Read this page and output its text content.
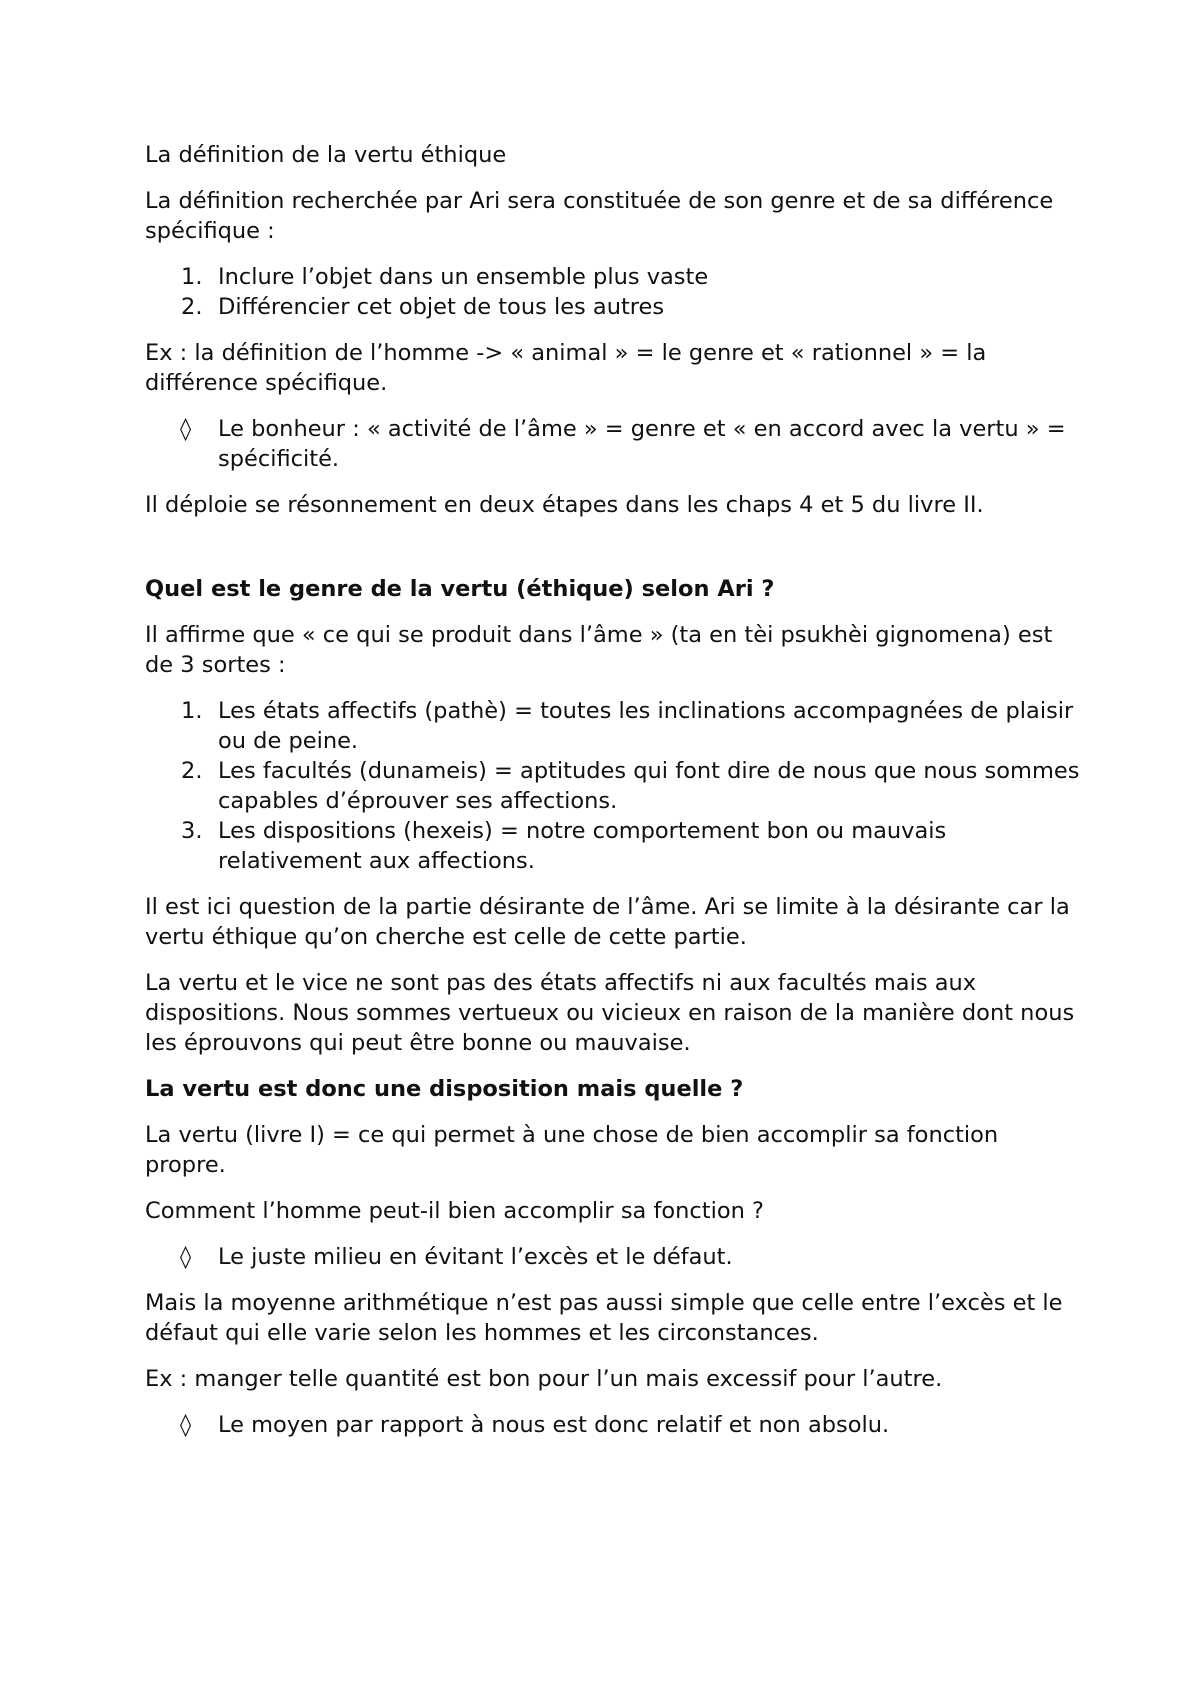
La définition de la vertu éthique

La définition recherchée par Ari sera constituée de son genre et de sa différence spécifique :

1. Inclure l’objet dans un ensemble plus vaste
2. Différencier cet objet de tous les autres

Ex : la définition de l’homme -> « animal » = le genre et « rationnel » = la différence spécifique.

◊ Le bonheur : « activité de l’âme » = genre et « en accord avec la vertu » = spécificité.

Il déploie se résonnement en deux étapes dans les chaps 4 et 5 du livre II.

Quel est le genre de la vertu (éthique) selon Ari ?

Il affirme que « ce qui se produit dans l’âme » (ta en tèi psukhèi gignomena) est de 3 sortes :

1. Les états affectifs (pathè) = toutes les inclinations accompagnées de plaisir ou de peine.
2. Les facultés (dunameis) = aptitudes qui font dire de nous que nous sommes capables d’éprouver ses affections.
3. Les dispositions (hexeis) = notre comportement bon ou mauvais relativement aux affections.

Il est ici question de la partie désirante de l’âme. Ari se limite à la désirante car la vertu éthique qu’on cherche est celle de cette partie.

La vertu et le vice ne sont pas des états affectifs ni aux facultés mais aux dispositions. Nous sommes vertueux ou vicieux en raison de la manière dont nous les éprouvons qui peut être bonne ou mauvaise.

La vertu est donc une disposition mais quelle ?

La vertu (livre I) = ce qui permet à une chose de bien accomplir sa fonction propre.

Comment l’homme peut-il bien accomplir sa fonction ?

◊ Le juste milieu en évitant l’excès et le défaut.

Mais la moyenne arithmétique n’est pas aussi simple que celle entre l’excès et le défaut qui elle varie selon les hommes et les circonstances.

Ex : manger telle quantité est bon pour l’un mais excessif pour l’autre.

◊ Le moyen par rapport à nous est donc relatif et non absolu.
